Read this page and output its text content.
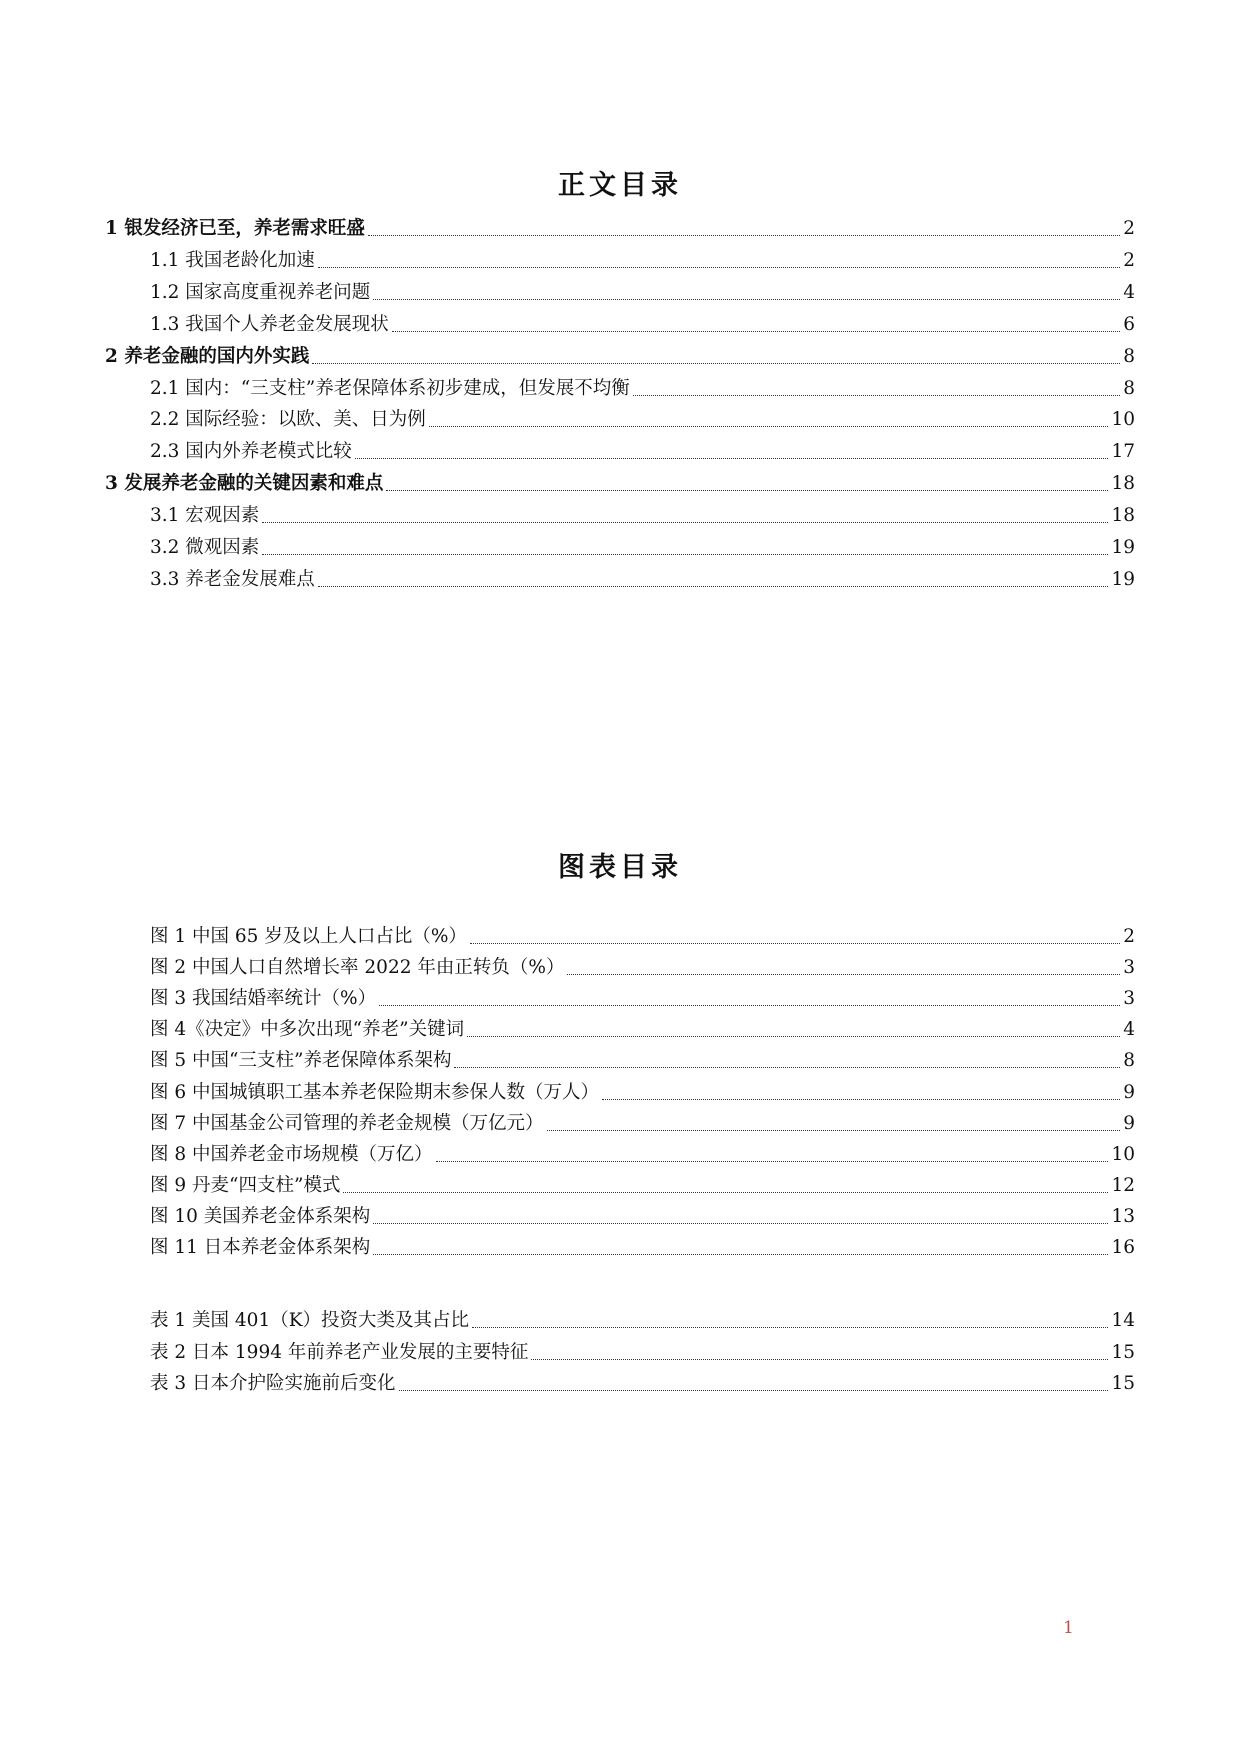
正文目录
1 银发经济已至，养老需求旺盛	2
1.1 我国老龄化加速	2
1.2 国家高度重视养老问题	4
1.3 我国个人养老金发展现状	6
2 养老金融的国内外实践	8
2.1 国内：“三支柱”养老保障体系初步建成，但发展不均衡	8
2.2 国际经验：以欧、美、日为例	10
2.3 国内外养老模式比较	17
3 发展养老金融的关键因素和难点	18
3.1 宏观因素	18
3.2 微观因素	19
3.3 养老金发展难点	19
图表目录
图 1 中国 65 岁及以上人口占比（%）	2
图 2 中国人口自然增长率 2022 年由正转负（%）	3
图 3 我国结婚率统计（%）	3
图 4《决定》中多次出现“养老”关键词	4
图 5 中国“三支柱”养老保障体系架构	8
图 6 中国城镇职工基本养老保险期末参保人数（万人）	9
图 7 中国基金公司管理的养老金规模（万亿元）	9
图 8 中国养老金市场规模（万亿）	10
图 9 丹麦“四支柱”模式	12
图 10 美国养老金体系架构	13
图 11 日本养老金体系架构	16
表 1 美国 401（K）投资大类及其占比	14
表 2 日本 1994 年前养老产业发展的主要特征	15
表 3 日本介护险实施前后变化	15
1
